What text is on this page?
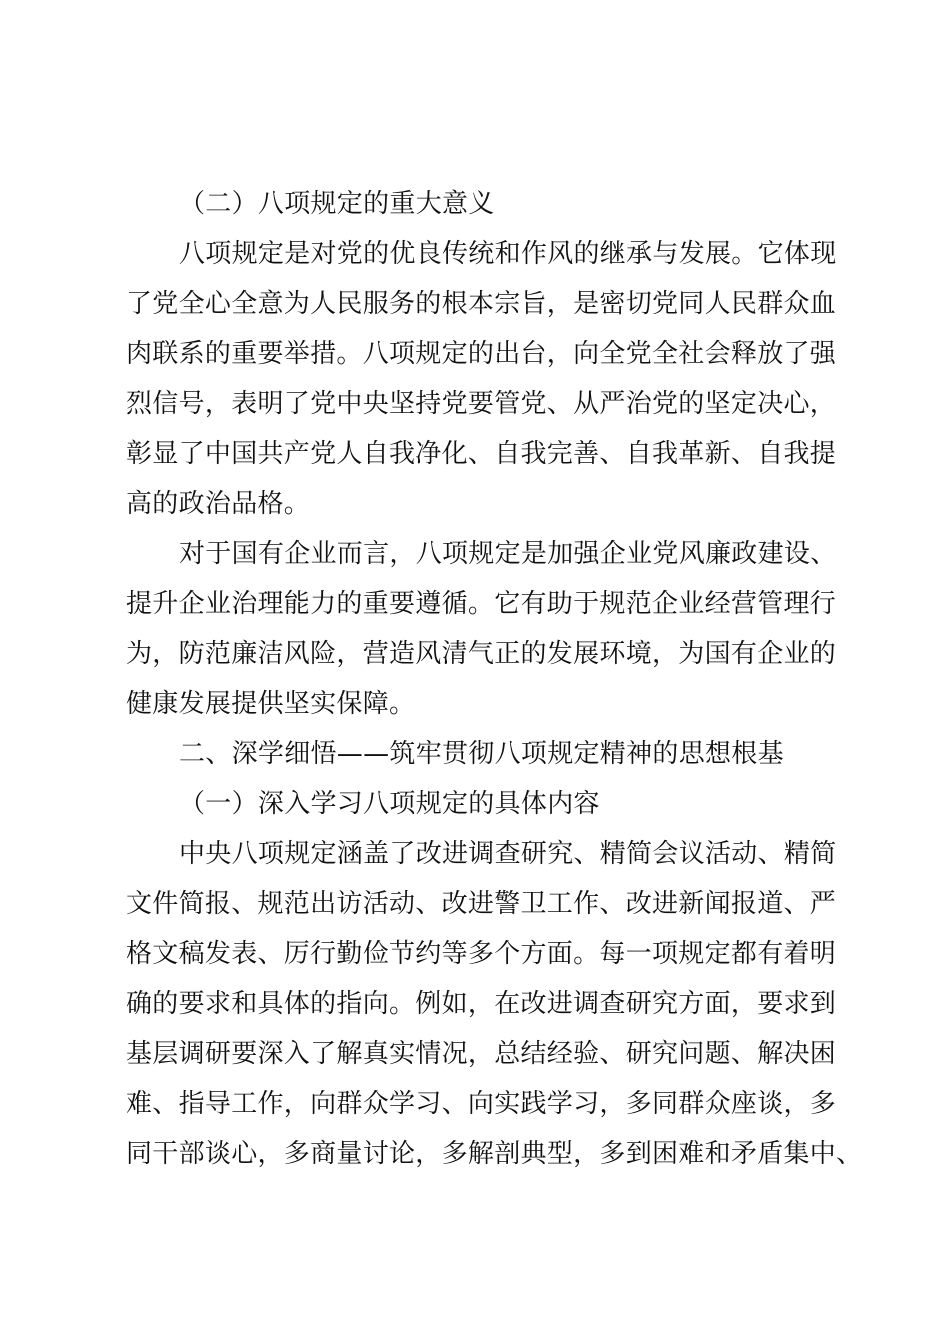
（二）八项规定的重大意义
八项规定是对党的优良传统和作风的继承与发展。它体现
了党全心全意为人民服务的根本宗旨，是密切党同人民群众血
肉联系的重要举措。八项规定的出台，向全党全社会释放了强
烈信号，表明了党中央坚持党要管党、从严治党的坚定决心，
彰显了中国共产党人自我净化、自我完善、自我革新、自我提
高的政治品格。
对于国有企业而言，八项规定是加强企业党风廉政建设、
提升企业治理能力的重要遵循。它有助于规范企业经营管理行
为，防范廉洁风险，营造风清气正的发展环境，为国有企业的
健康发展提供坚实保障。
二、深学细悟——筑牢贯彻八项规定精神的思想根基
（一）深入学习八项规定的具体内容
中央八项规定涵盖了改进调查研究、精简会议活动、精简
文件简报、规范出访活动、改进警卫工作、改进新闻报道、严
格文稿发表、厉行勤俭节约等多个方面。每一项规定都有着明
确的要求和具体的指向。例如，在改进调查研究方面，要求到
基层调研要深入了解真实情况，总结经验、研究问题、解决困
难、指导工作，向群众学习、向实践学习，多同群众座谈，多
同干部谈心，多商量讨论，多解剖典型，多到困难和矛盾集中、
